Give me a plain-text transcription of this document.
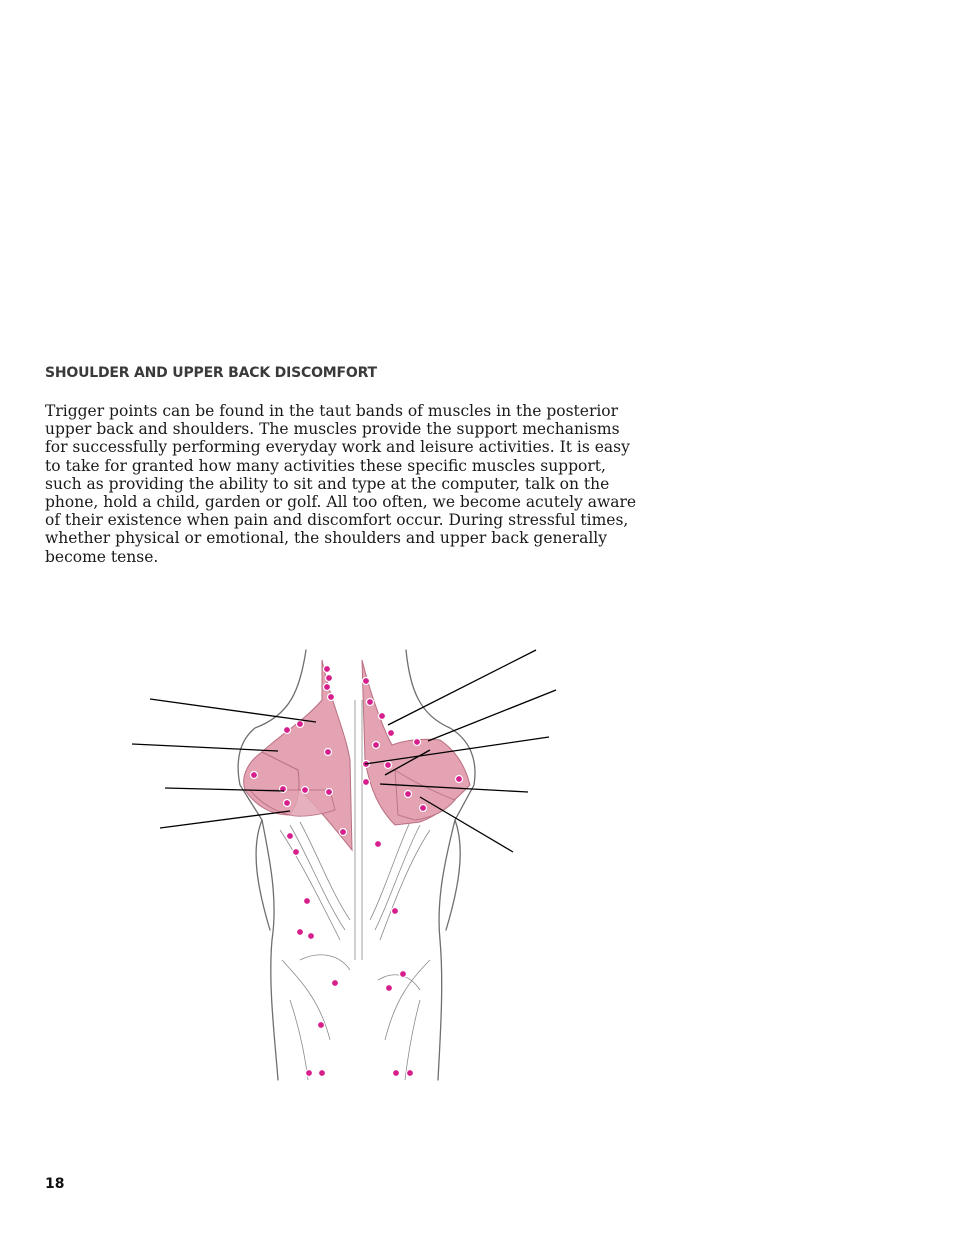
SHOULDER AND UPPER BACK DISCOMFORT

Trigger points can be found in the taut bands of muscles in the posterior
upper back and shoulders. The muscles provide the support mechanisms
for successfully performing everyday work and leisure activities. It is easy
to take for granted how many activities these specific muscles support,
such as providing the ability to sit and type at the computer, talk on the
phone, hold a child, garden or golf. All too often, we become acutely aware
of their existence when pain and discomfort occur. During stressful times,
whether physical or emotional, the shoulders and upper back generally
become tense.

18
